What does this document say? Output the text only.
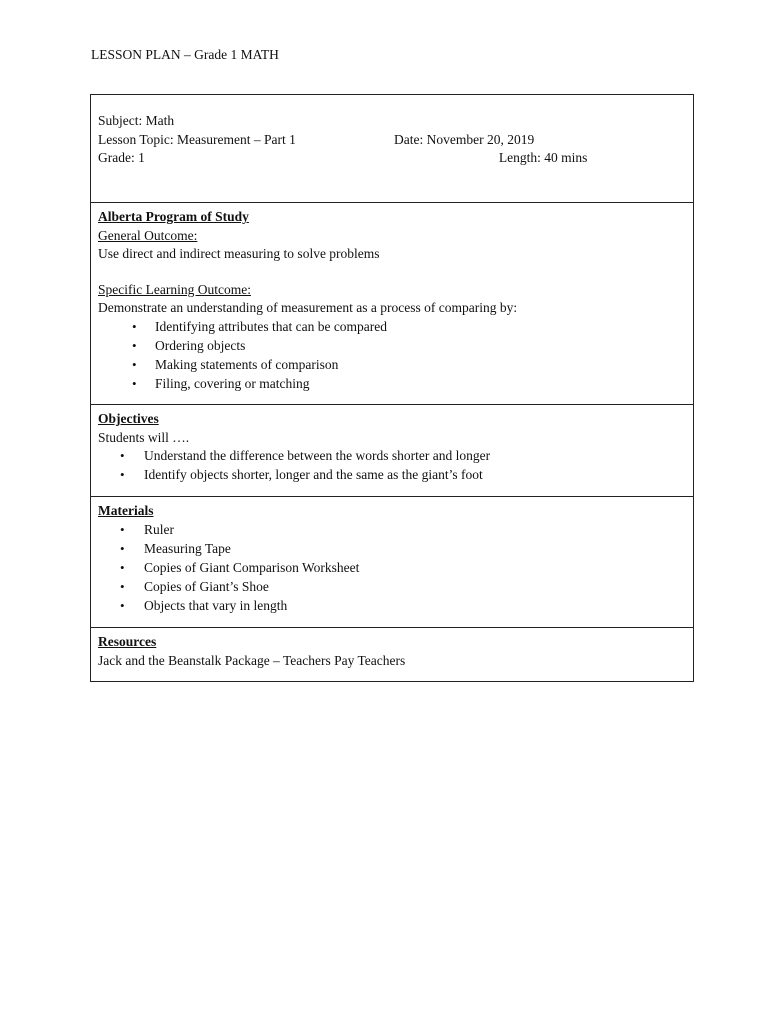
LESSON PLAN – Grade 1 MATH
Subject: Math
Lesson Topic: Measurement – Part 1	Date: November 20, 2019
Grade: 1	Length: 40 mins
Alberta Program of Study
General Outcome:
Use direct and indirect measuring to solve problems
Specific Learning Outcome:
Demonstrate an understanding of measurement as a process of comparing by:
• Identifying attributes that can be compared
• Ordering objects
• Making statements of comparison
• Filing, covering or matching
Objectives
Students will ….
• Understand the difference between the words shorter and longer
• Identify objects shorter, longer and the same as the giant’s foot
Materials
• Ruler
• Measuring Tape
• Copies of Giant Comparison Worksheet
• Copies of Giant’s Shoe
• Objects that vary in length
Resources
Jack and the Beanstalk Package – Teachers Pay Teachers
